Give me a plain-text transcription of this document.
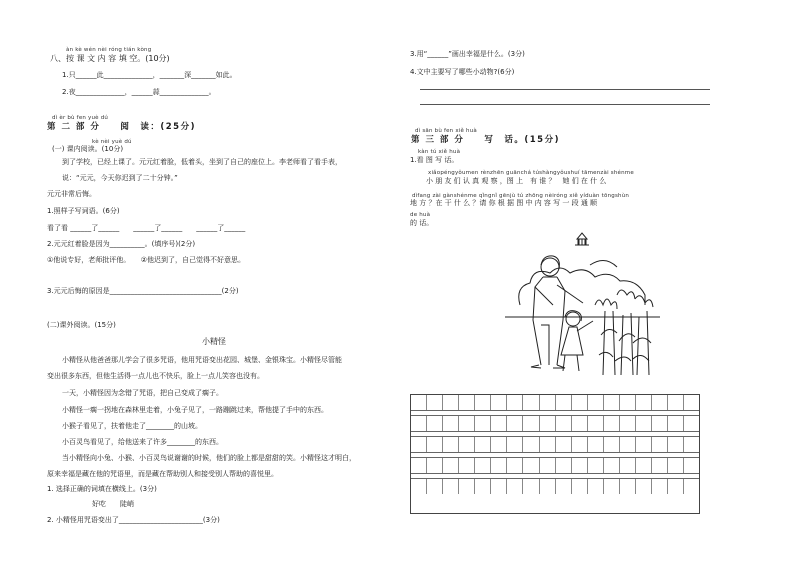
àn kè wén nèi róng tián kòng
八、按 课 文 内 容 填 空。(10分)
1.只______此______________，_______深_______如此。
2.夜______________，______蒜______________。
dì èr bù fen yuè dú
第 二 部 分　　阅　读：(25分)
kè nèi yuè dú
(一) 课内阅读。(10分)
到了学校，已经上课了。元元红着脸，低着头，坐到了自己的座位上。李老师看了看手表，
说：“元元，今天你迟到了二十分钟。”
元元非常后悔。
1.照样子写词语。(6分)
看了看 ______了______　　______了______　　______了______
2.元元红着脸是因为__________。(填序号)(2分)
①他说专好，老师批评他。　　②他迟到了，自己觉得不好意思。
3.元元后悔的原因是________________________________(2分)
(二)课外阅读。(15分)
小精怪
小精怪从他爸爸那儿学会了很多咒语，他用咒语变出花园、城堡、金银珠宝。小精怪尽管能
变出很多东西，但他生活得一点儿也不快乐，脸上一点儿笑容也没有。
一天，小精怪因为念错了咒语，把自己变成了瘸子。
小精怪一瘸一拐地在森林里走着，小兔子见了，一路蹦跳过来，帮他提了手中的东西。
小猴子看见了，扶着他走了________的山坡。
小百灵鸟看见了，给他送来了许多________的东西。
当小精怪向小兔、小猴、小百灵鸟说谢谢的时候，他们的脸上都是甜甜的笑。小精怪这才明白，
原来幸福是藏在他的咒语里，而是藏在帮助别人和接受别人帮助的喜悦里。
1. 选择正确的词填在横线上。(3分)
好吃　　陡峭
2. 小精怪用咒语变出了________________________(3分)
3.用“______”画出幸福是什么。(3分)
4.文中主要写了哪些小动物?(6分)
dì sān bù fen xiě huà
第 三 部 分　　写　话。(15分)
kàn tú xiě huà
1.看 图 写 话。
xiǎopéngyǒumen rènzhēn guānchá túshàngyǒushuí tāmenzài shénme
小 朋 友 们 认 真 观 察 ，图 上　有 谁 ？　她 们 在 什 么
dìfang zài gànshénme qǐngnǐ gēnjù tú zhōng nèiróng xiě yíduàn tōngshùn
地 方 ？在 干 什 么 ？请 你 根 据 图 中 内 容 写 一 段 通 顺
de huà
的 话。
